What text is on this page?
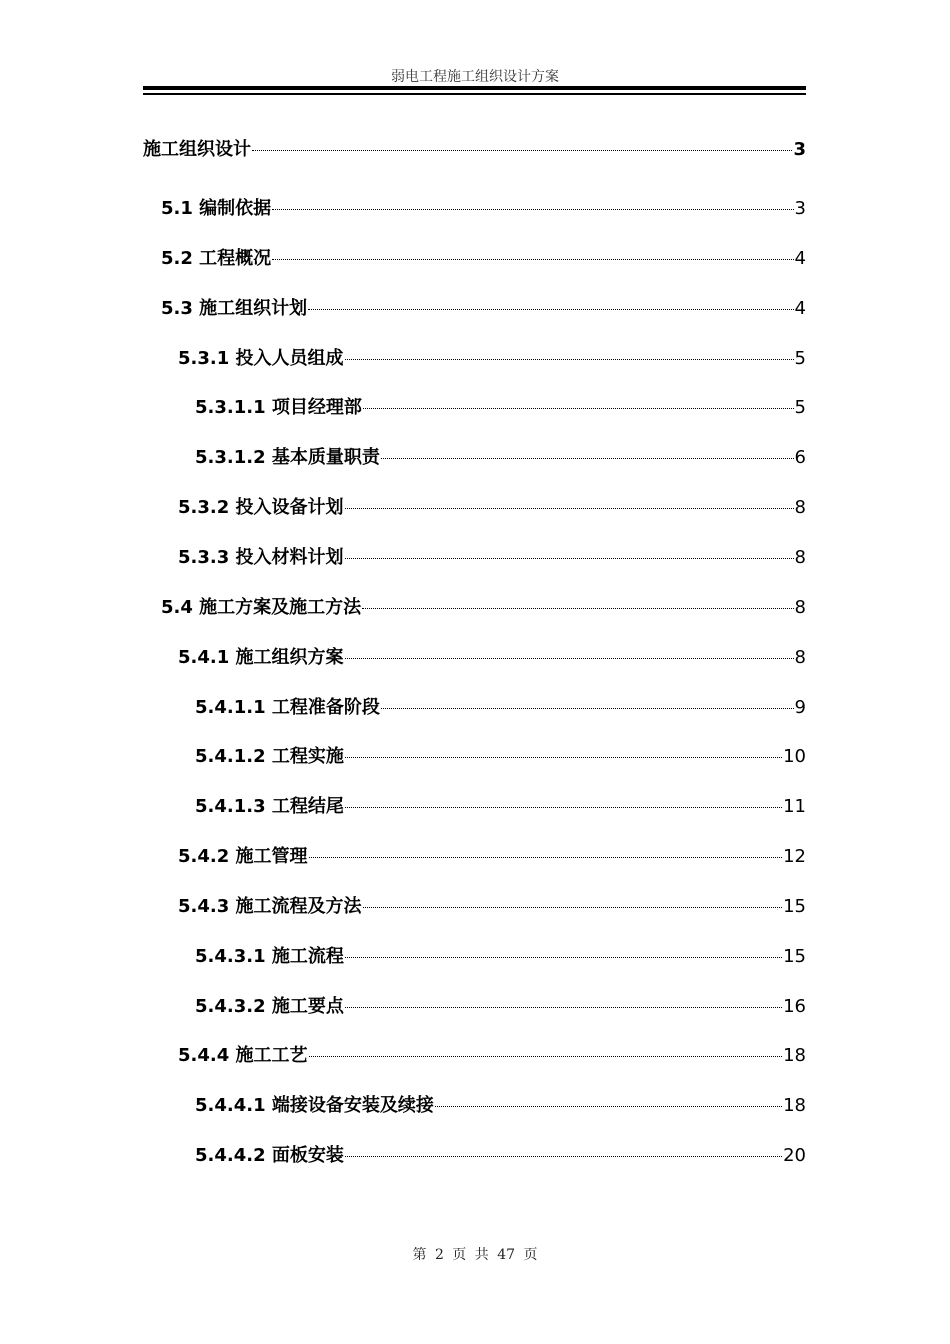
弱电工程施工组织设计方案
施工组织设计	3
5.1 编制依据	3
5.2 工程概况	4
5.3 施工组织计划	4
5.3.1 投入人员组成	5
5.3.1.1 项目经理部	5
5.3.1.2 基本质量职责	6
5.3.2 投入设备计划	8
5.3.3 投入材料计划	8
5.4 施工方案及施工方法	8
5.4.1 施工组织方案	8
5.4.1.1 工程准备阶段	9
5.4.1.2 工程实施	10
5.4.1.3 工程结尾	11
5.4.2 施工管理	12
5.4.3 施工流程及方法	15
5.4.3.1 施工流程	15
5.4.3.2 施工要点	16
5.4.4 施工工艺	18
5.4.4.1 端接设备安装及续接	18
5.4.4.2 面板安装	20
第 2 页 共 47 页
